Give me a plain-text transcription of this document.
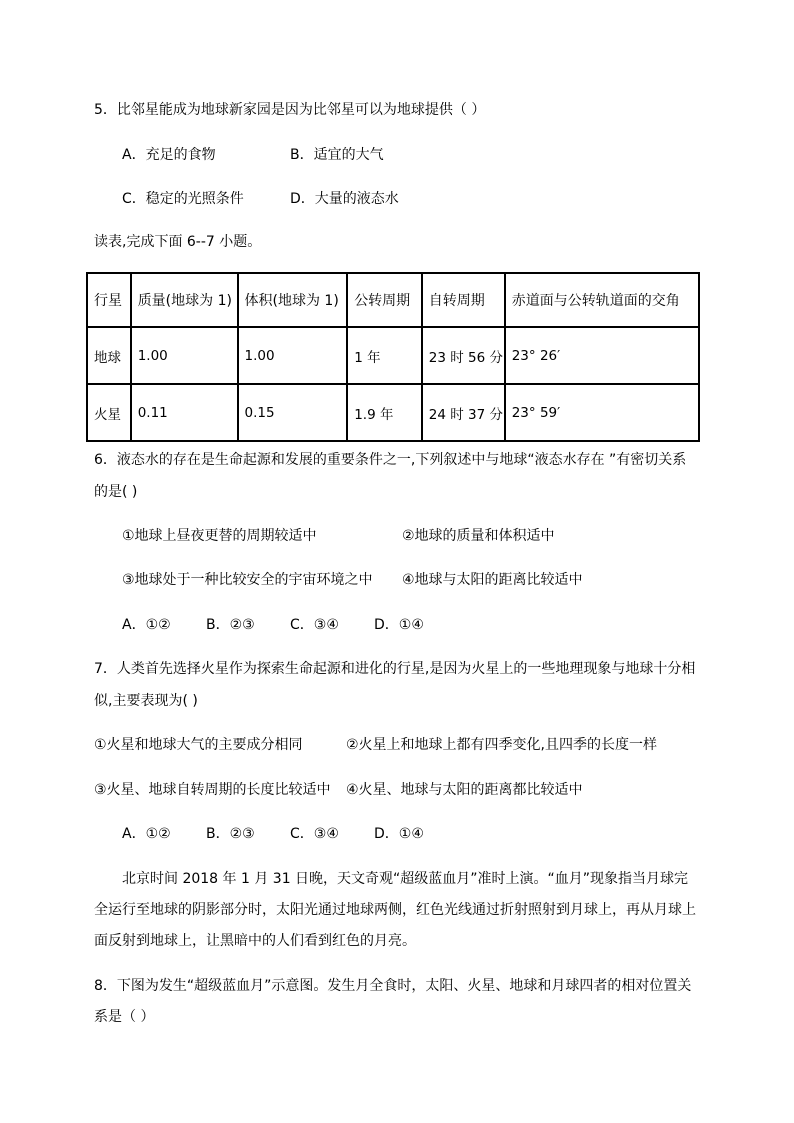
5．比邻星能成为地球新家园是因为比邻星可以为地球提供（ ）
A．充足的食物	B．适宜的大气
C．稳定的光照条件	D．大量的液态水
读表,完成下面 6--7 小题。
行星	质量(地球为 1)	体积(地球为 1)	公转周期	自转周期	赤道面与公转轨道面的交角
地球	1.00	1.00	1 年	23 时 56 分	23° 26′
火星	0.11	0.15	1.9 年	24 时 37 分	23° 59′
6．液态水的存在是生命起源和发展的重要条件之一,下列叙述中与地球“液态水存在 ”有密切关系
的是( )
①地球上昼夜更替的周期较适中	②地球的质量和体积适中
③地球处于一种比较安全的宇宙环境之中 ④地球与太阳的距离比较适中
A．①②	B．②③	C．③④	D．①④
7．人类首先选择火星作为探索生命起源和进化的行星,是因为火星上的一些地理现象与地球十分相
似,主要表现为( )
①火星和地球大气的主要成分相同	②火星上和地球上都有四季变化,且四季的长度一样
③火星、地球自转周期的长度比较适中 ④火星、地球与太阳的距离都比较适中
A．①②	B．②③	C．③④	D．①④
北京时间 2018 年 1 月 31 日晚，天文奇观“超级蓝血月”准时上演。“血月”现象指当月球完
全运行至地球的阴影部分时，太阳光通过地球两侧，红色光线通过折射照射到月球上，再从月球上
面反射到地球上，让黑暗中的人们看到红色的月亮。
8．下图为发生“超级蓝血月”示意图。发生月全食时，太阳、火星、地球和月球四者的相对位置关
系是（ ）
